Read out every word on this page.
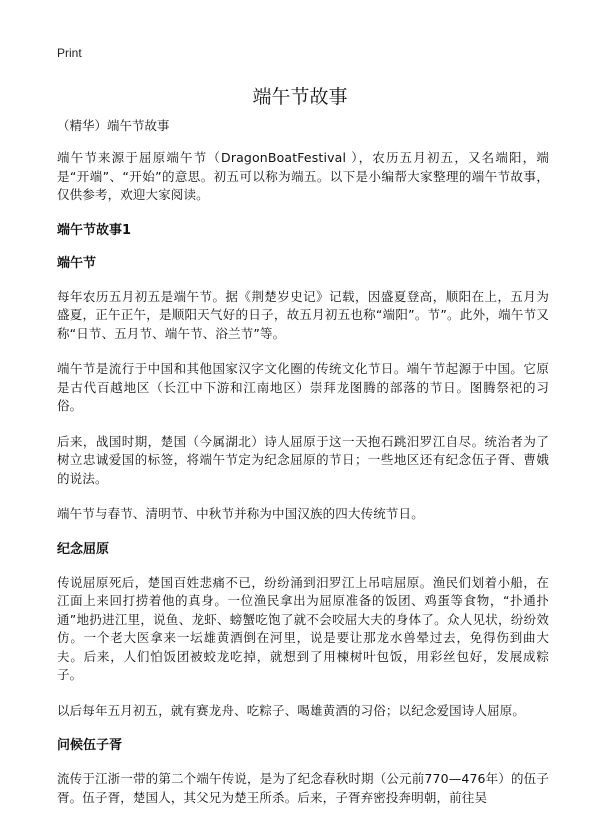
Print
端午节故事
（精华）端午节故事

端午节来源于屈原端午节（DragonBoatFestival ），农历五月初五，又名端阳，端是“开端”、“开始”的意思。初五可以称为端五。以下是小编帮大家整理的端午节故事，仅供参考，欢迎大家阅读。

端午节故事1
端午节

每年农历五月初五是端午节。据《荆楚岁史记》记载，因盛夏登高，顺阳在上，五月为盛夏，正午正午，是顺阳天气好的日子，故五月初五也称“端阳”。节”。此外，端午节又称“日节、五月节、端午节、浴兰节”等。

端午节是流行于中国和其他国家汉字文化圈的传统文化节日。端午节起源于中国。它原是古代百越地区（长江中下游和江南地区）崇拜龙图腾的部落的节日。图腾祭祀的习俗。

后来，战国时期，楚国（今属湖北）诗人屈原于这一天抱石跳汨罗江自尽。统治者为了树立忠诚爱国的标签，将端午节定为纪念屈原的节日；一些地区还有纪念伍子胥、曹娥的说法。

端午节与春节、清明节、中秋节并称为中国汉族的四大传统节日。

纪念屈原

传说屈原死后，楚国百姓悲痛不已，纷纷涌到汨罗江上吊唁屈原。渔民们划着小船，在江面上来回打捞着他的真身。一位渔民拿出为屈原准备的饭团、鸡蛋等食物，“扑通扑通”地扔进江里，说鱼、龙虾、螃蟹吃饱了就不会咬屈大夫的身体了。众人见状，纷纷效仿。一个老大医拿来一坛雄黄酒倒在河里，说是要让那龙水兽晕过去，免得伤到曲大夫。后来，人们怕饭团被蛟龙吃掉，就想到了用楝树叶包饭，用彩丝包好，发展成粽子。

以后每年五月初五，就有赛龙舟、吃粽子、喝雄黄酒的习俗；以纪念爱国诗人屈原。

问候伍子胥

流传于江浙一带的第二个端午传说，是为了纪念春秋时期（公元前770—476年）的伍子胥。伍子胥，楚国人，其父兄为楚王所杀。后来，子胥弃密投奔明朝，前往吴
